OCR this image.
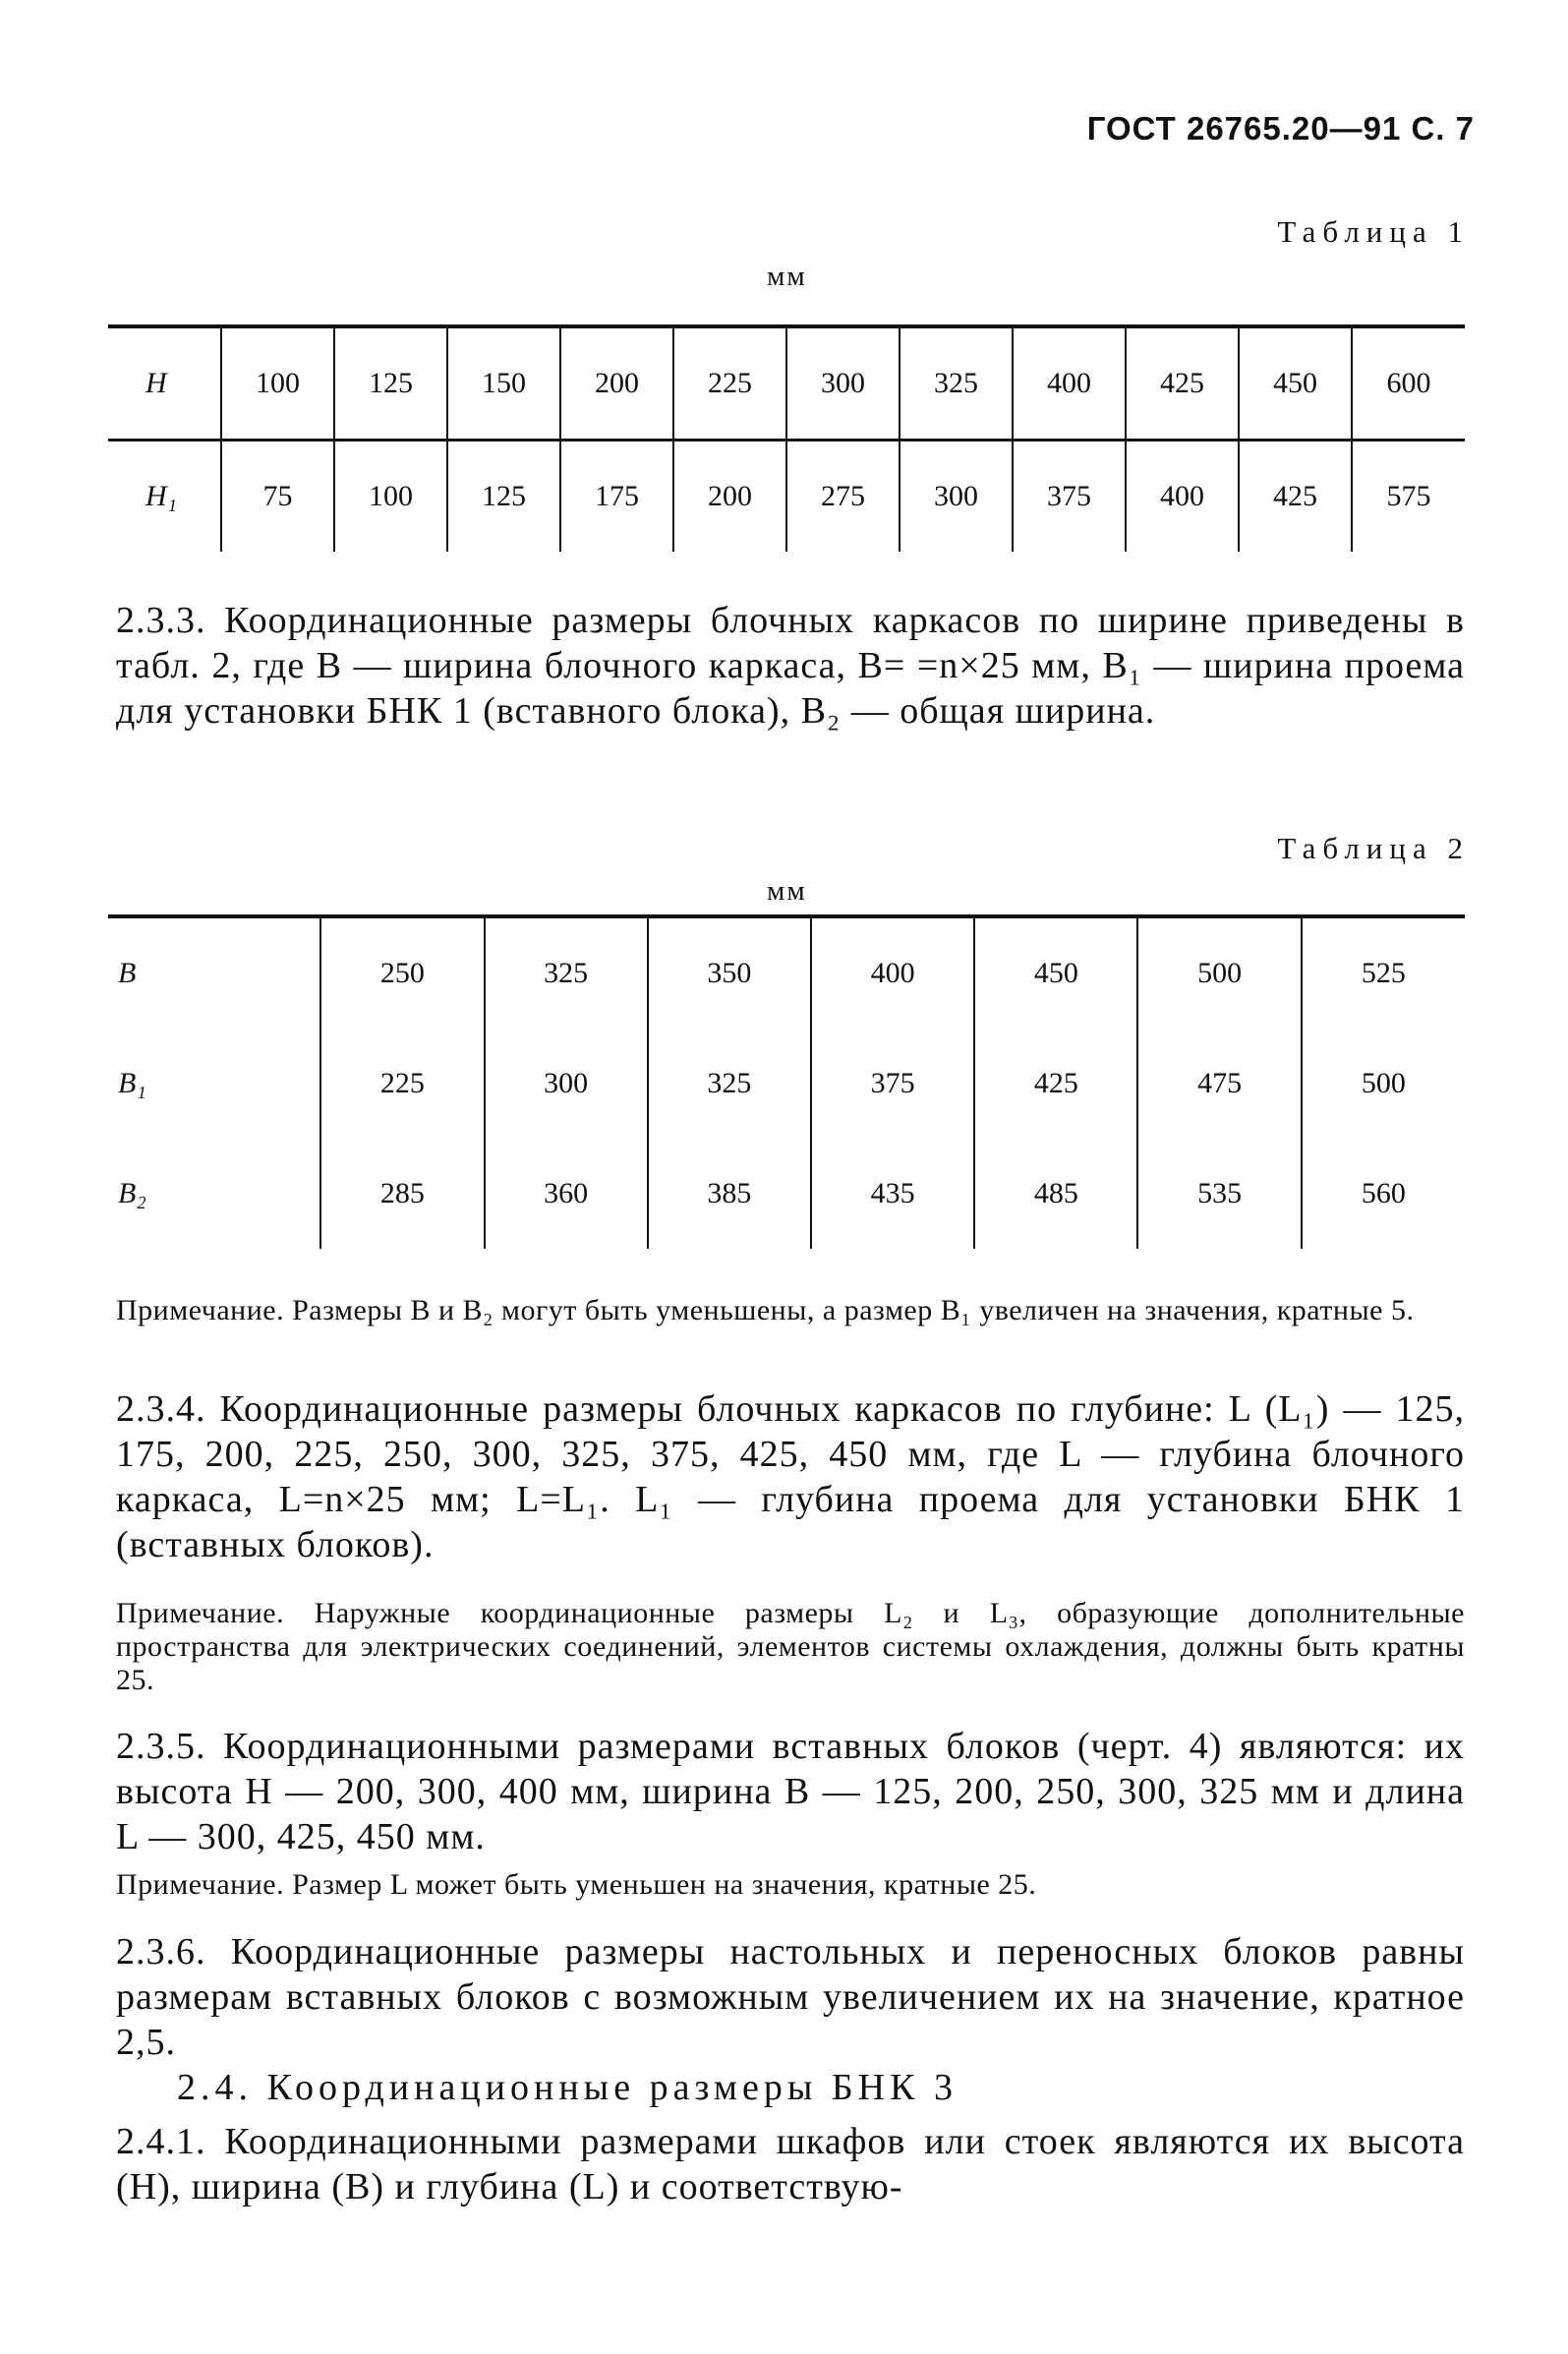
ГОСТ 26765.20—91 С. 7
Таблица 1
мм
H	100	125	150	200	225	300	325	400	425	450	600
H₁	75	100	125	175	200	275	300	375	400	425	575
2.3.3. Координационные размеры блочных каркасов по ширине приведены в табл. 2, где B — ширина блочного каркаса, B= =n×25 мм, B₁ — ширина проема для установки БНК 1 (вставного блока), B₂ — общая ширина.
Таблица 2
мм
B	250	325	350	400	450	500	525
B₁	225	300	325	375	425	475	500
B₂	285	360	385	435	485	535	560
Примечание. Размеры B и B₂ могут быть уменьшены, а размер B₁ увеличен на значения, кратные 5.
2.3.4. Координационные размеры блочных каркасов по глубине: L (L₁) — 125, 175, 200, 225, 250, 300, 325, 375, 425, 450 мм, где L — глубина блочного каркаса, L=n×25 мм; L=L₁. L₁ — глубина проема для установки БНК 1 (вставных блоков).
Примечание. Наружные координационные размеры L₂ и L₃, образующие дополнительные пространства для электрических соединений, элементов системы охлаждения, должны быть кратны 25.
2.3.5. Координационными размерами вставных блоков (черт. 4) являются: их высота H — 200, 300, 400 мм, ширина B — 125, 200, 250, 300, 325 мм и длина L — 300, 425, 450 мм.
Примечание. Размер L может быть уменьшен на значения, кратные 25.
2.3.6. Координационные размеры настольных и переносных блоков равны размерам вставных блоков с возможным увеличением их на значение, кратное 2,5.
2.4. Координационные размеры БНК 3
2.4.1. Координационными размерами шкафов или стоек являются их высота (H), ширина (B) и глубина (L) и соответствую-
